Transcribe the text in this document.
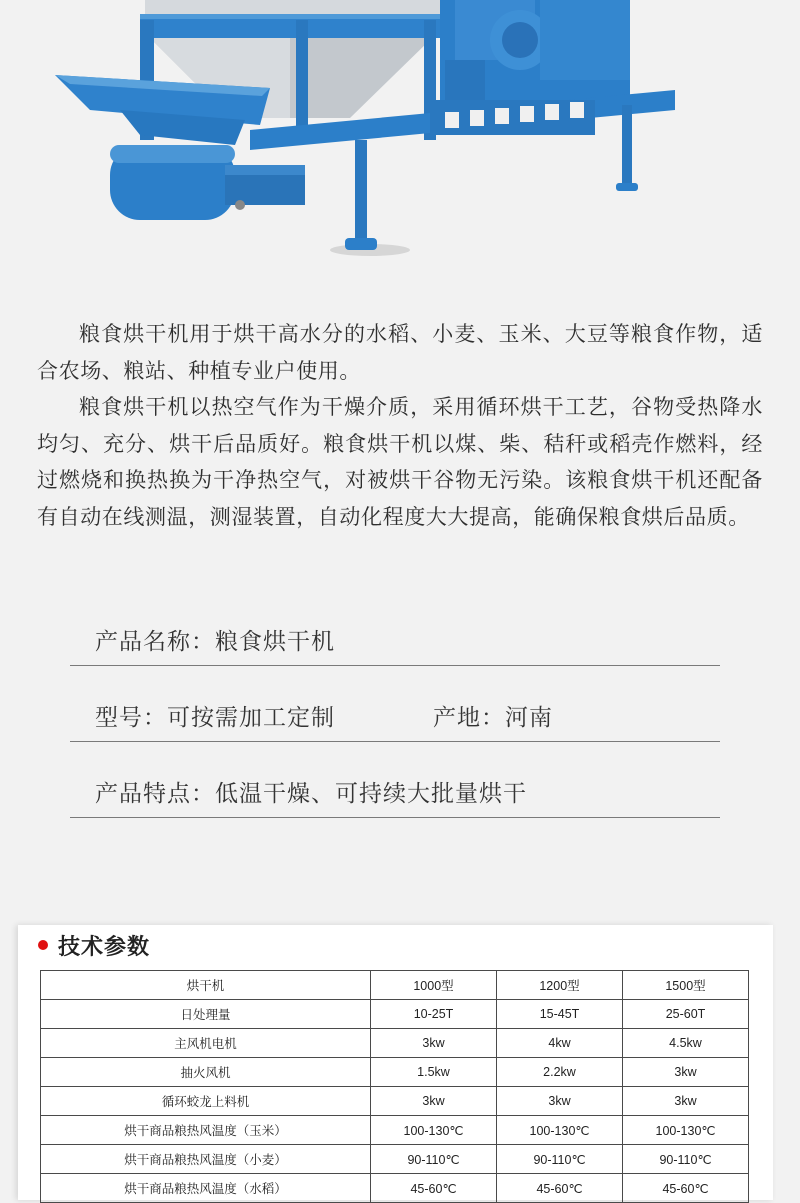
粮食烘干机用于烘干高水分的水稻、小麦、玉米、大豆等粮食作物，适合农场、粮站、种植专业户使用。

粮食烘干机以热空气作为干燥介质，采用循环烘干工艺，谷物受热降水均匀、充分、烘干后品质好。粮食烘干机以煤、柴、秸秆或稻壳作燃料，经过燃烧和换热换为干净热空气，对被烘干谷物无污染。该粮食烘干机还配备有自动在线测温，测湿装置，自动化程度大大提高，能确保粮食烘后品质。

产品名称：粮食烘干机
型号：可按需加工定制	产地：河南
产品特点：低温干燥、可持续大批量烘干
技术参数
烘干机	1000型	1200型	1500型
日处理量	10-25T	15-45T	25-60T
主风机电机	3kw	4kw	4.5kw
抽火风机	1.5kw	2.2kw	3kw
循环蛟龙上料机	3kw	3kw	3kw
烘干商品粮热风温度（玉米）	100-130℃	100-130℃	100-130℃
烘干商品粮热风温度（小麦）	90-110℃	90-110℃	90-110℃
烘干商品粮热风温度（水稻）	45-60℃	45-60℃	45-60℃
